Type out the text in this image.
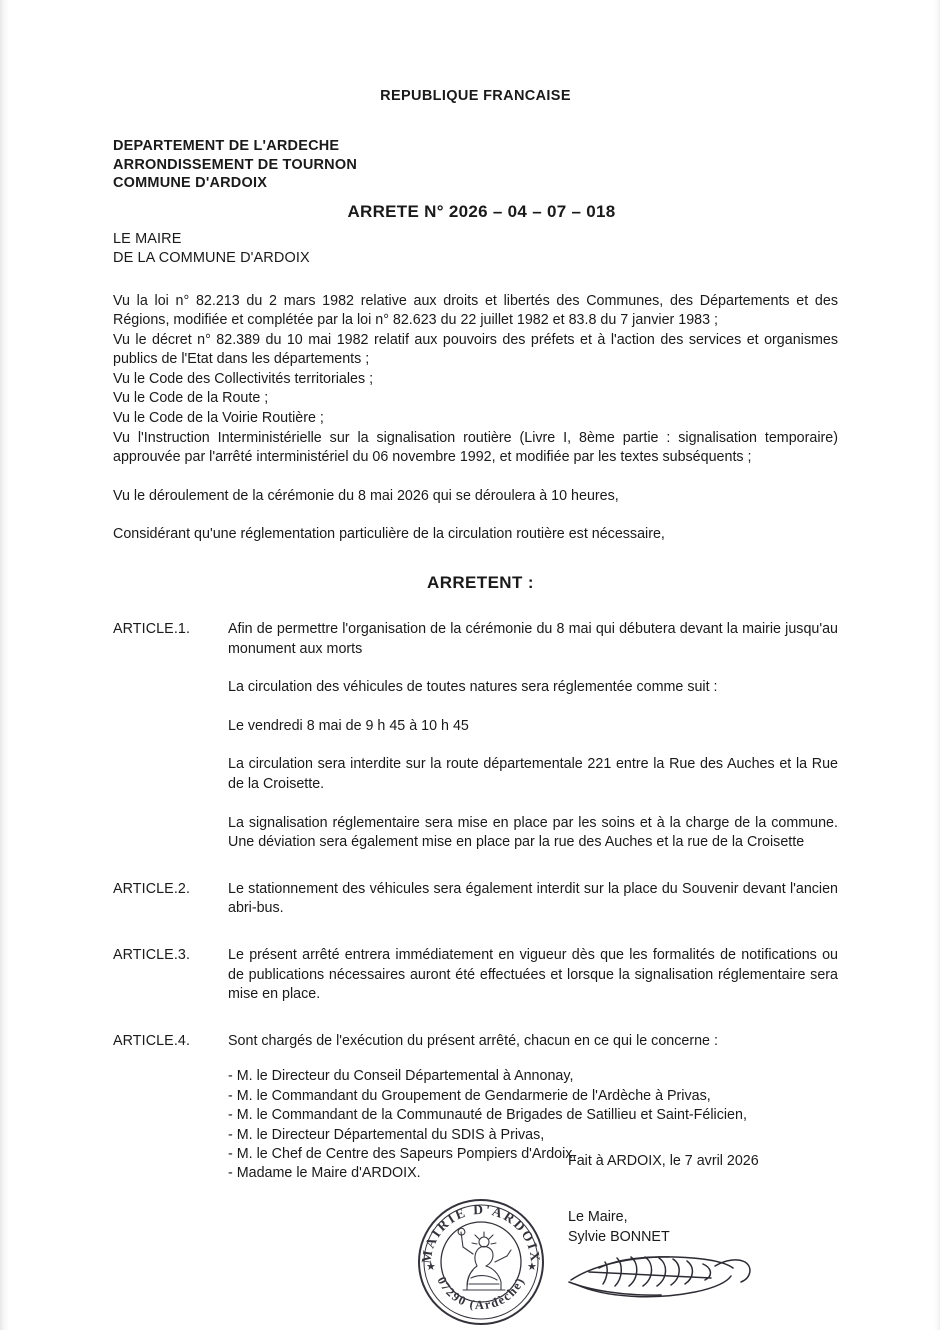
REPUBLIQUE FRANCAISE
DEPARTEMENT DE L'ARDECHE
ARRONDISSEMENT DE TOURNON
COMMUNE D'ARDOIX
ARRETE N° 2026 – 04 – 07 – 018
LE MAIRE
DE LA COMMUNE D'ARDOIX
Vu la loi n° 82.213 du 2 mars 1982 relative aux droits et libertés des Communes, des Départements et des Régions, modifiée et complétée par la loi n° 82.623 du 22 juillet 1982 et 83.8 du 7 janvier 1983 ;
Vu le décret n° 82.389 du 10 mai 1982 relatif aux pouvoirs des préfets et à l'action des services et organismes publics de l'Etat dans les départements ;
Vu le Code des Collectivités territoriales ;
Vu le Code de la Route ;
Vu le Code de la Voirie Routière ;
Vu l'Instruction Interministérielle sur la signalisation routière (Livre I, 8ème partie : signalisation temporaire) approuvée par l'arrêté interministériel du 06 novembre 1992, et modifiée par les textes subséquents ;
Vu le déroulement de la cérémonie du 8 mai 2026 qui se déroulera à 10 heures,
Considérant qu'une réglementation particulière de la circulation routière est nécessaire,
ARRETENT :
ARTICLE.1.	Afin de permettre l'organisation de la cérémonie du 8 mai qui débutera devant la mairie jusqu'au monument aux morts
La circulation des véhicules de toutes natures sera réglementée comme suit :
Le vendredi 8 mai de 9 h 45 à 10 h 45
La circulation sera interdite sur la route départementale 221 entre la Rue des Auches et la Rue de la Croisette.
La signalisation réglementaire sera mise en place par les soins et à la charge de la commune. Une déviation sera également mise en place par la rue des Auches et la rue de la Croisette
ARTICLE.2.	Le stationnement des véhicules sera également interdit sur la place du Souvenir devant l'ancien abri-bus.
ARTICLE.3.	Le présent arrêté entrera immédiatement en vigueur dès que les formalités de notifications ou de publications nécessaires auront été effectuées et lorsque la signalisation réglementaire sera mise en place.
ARTICLE.4.	Sont chargés de l'exécution du présent arrêté, chacun en ce qui le concerne :
- M. le Directeur du Conseil Départemental à Annonay,
- M. le Commandant du Groupement de Gendarmerie de l'Ardèche à Privas,
- M. le Commandant de la Communauté de Brigades de Satillieu et Saint-Félicien,
- M. le Directeur Départemental du SDIS à Privas,
- M. le Chef de Centre des Sapeurs Pompiers d'Ardoix,
- Madame le Maire d'ARDOIX.
Fait à ARDOIX, le 7 avril 2026
Le Maire,
Sylvie BONNET
MAIRIE D'ARDOIX
07290 (Ardèche)
★	★
